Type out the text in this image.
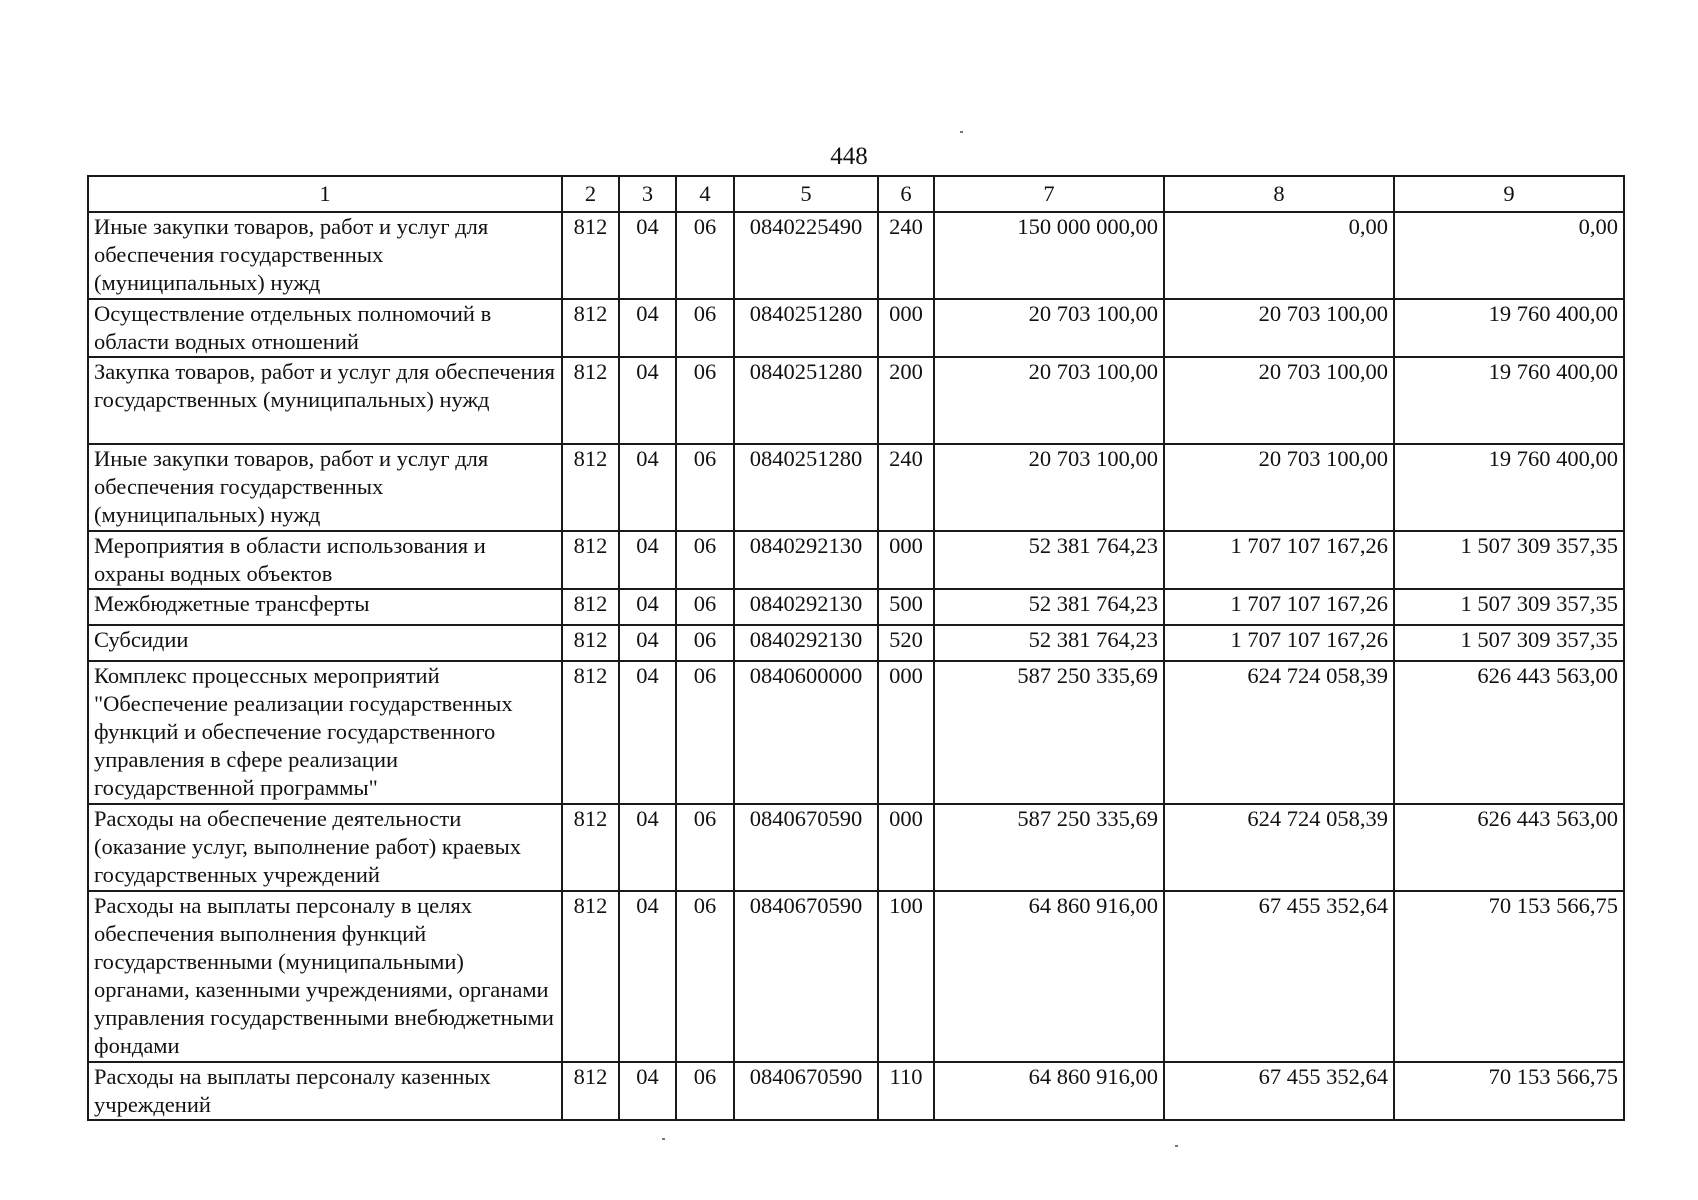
448
1	2	3	4	5	6	7	8	9
Иные закупки товаров, работ и услуг для обеспечения государственных (муниципальных) нужд	812	04	06	0840225490	240	150 000 000,00	0,00	0,00
Осуществление отдельных полномочий в области водных отношений	812	04	06	0840251280	000	20 703 100,00	20 703 100,00	19 760 400,00
Закупка товаров, работ и услуг для обеспечения государственных (муниципальных) нужд	812	04	06	0840251280	200	20 703 100,00	20 703 100,00	19 760 400,00
Иные закупки товаров, работ и услуг для обеспечения государственных (муниципальных) нужд	812	04	06	0840251280	240	20 703 100,00	20 703 100,00	19 760 400,00
Мероприятия в области использования и охраны водных объектов	812	04	06	0840292130	000	52 381 764,23	1 707 107 167,26	1 507 309 357,35
Межбюджетные трансферты	812	04	06	0840292130	500	52 381 764,23	1 707 107 167,26	1 507 309 357,35
Субсидии	812	04	06	0840292130	520	52 381 764,23	1 707 107 167,26	1 507 309 357,35
Комплекс процессных мероприятий "Обеспечение реализации государственных функций и обеспечение государственного управления в сфере реализации государственной программы"	812	04	06	0840600000	000	587 250 335,69	624 724 058,39	626 443 563,00
Расходы на обеспечение деятельности (оказание услуг, выполнение работ) краевых государственных учреждений	812	04	06	0840670590	000	587 250 335,69	624 724 058,39	626 443 563,00
Расходы на выплаты персоналу в целях обеспечения выполнения функций государственными (муниципальными) органами, казенными учреждениями, органами управления государственными внебюджетными фондами	812	04	06	0840670590	100	64 860 916,00	67 455 352,64	70 153 566,75
Расходы на выплаты персоналу казенных учреждений	812	04	06	0840670590	110	64 860 916,00	67 455 352,64	70 153 566,75
